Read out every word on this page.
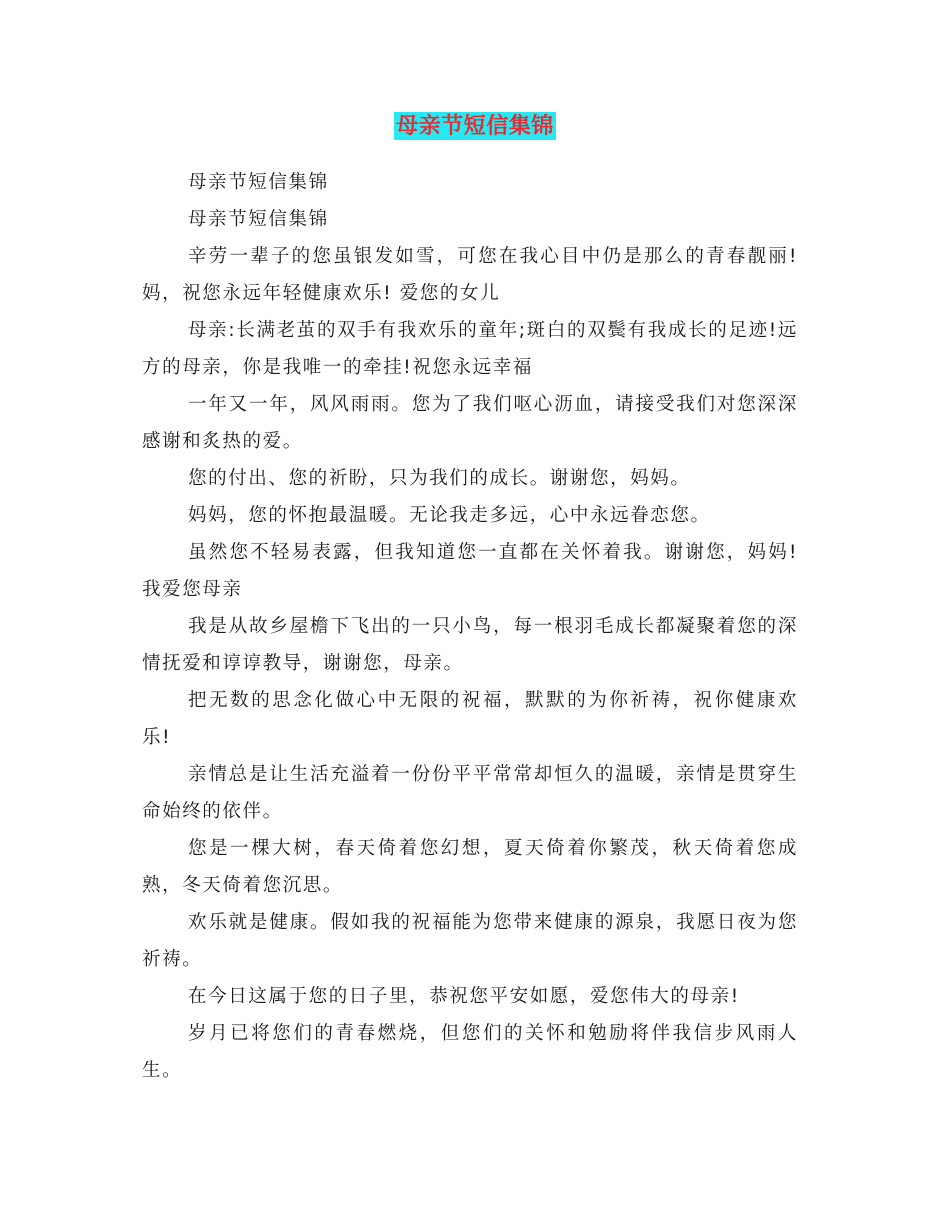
母亲节短信集锦

母亲节短信集锦

母亲节短信集锦

辛劳一辈子的您虽银发如雪，可您在我心目中仍是那么的青春靓丽!妈，祝您永远年轻健康欢乐! 爱您的女儿

母亲:长满老茧的双手有我欢乐的童年;斑白的双鬓有我成长的足迹!远方的母亲，你是我唯一的牵挂!祝您永远幸福

一年又一年，风风雨雨。您为了我们呕心沥血，请接受我们对您深深感谢和炙热的爱。

您的付出、您的祈盼，只为我们的成长。谢谢您，妈妈。

妈妈，您的怀抱最温暖。无论我走多远，心中永远眷恋您。

虽然您不轻易表露，但我知道您一直都在关怀着我。谢谢您，妈妈!我爱您母亲

我是从故乡屋檐下飞出的一只小鸟，每一根羽毛成长都凝聚着您的深情抚爱和谆谆教导，谢谢您，母亲。

把无数的思念化做心中无限的祝福，默默的为你祈祷，祝你健康欢乐!

亲情总是让生活充溢着一份份平平常常却恒久的温暖，亲情是贯穿生命始终的依伴。

您是一棵大树，春天倚着您幻想，夏天倚着你繁茂，秋天倚着您成熟，冬天倚着您沉思。

欢乐就是健康。假如我的祝福能为您带来健康的源泉，我愿日夜为您祈祷。

在今日这属于您的日子里，恭祝您平安如愿，爱您伟大的母亲!

岁月已将您们的青春燃烧，但您们的关怀和勉励将伴我信步风雨人生。
